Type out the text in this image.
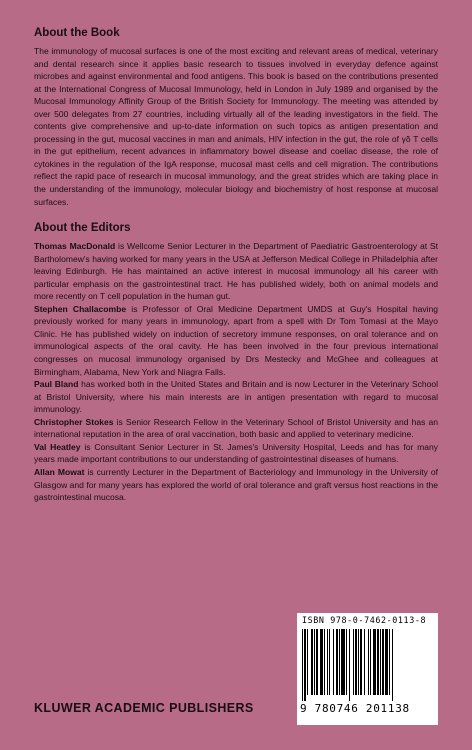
About the Book

The immunology of mucosal surfaces is one of the most exciting and relevant areas of medical, veterinary and dental research since it applies basic research to tissues involved in everyday defence against microbes and against environmental and food antigens. This book is based on the contributions presented at the International Congress of Mucosal Immunology, held in London in July 1989 and organised by the Mucosal Immunology Affinity Group of the British Society for Immunology. The meeting was attended by over 500 delegates from 27 countries, including virtually all of the leading investigators in the field. The contents give comprehensive and up-to-date information on such topics as antigen presentation and processing in the gut, mucosal vaccines in man and animals, HIV infection in the gut, the role of γδ T cells in the gut epithelium, recent advances in inflammatory bowel disease and coeliac disease, the role of cytokines in the regulation of the IgA response, mucosal mast cells and cell migration. The contributions reflect the rapid pace of research in mucosal immunology, and the great strides which are taking place in the understanding of the immunology, molecular biology and biochemistry of host response at mucosal surfaces.

About the Editors

Thomas MacDonald is Wellcome Senior Lecturer in the Department of Paediatric Gastroenterology at St Bartholomew's having worked for many years in the USA at Jefferson Medical College in Philadelphia after leaving Edinburgh. He has maintained an active interest in mucosal immunology all his career with particular emphasis on the gastrointestinal tract. He has published widely, both on animal models and more recently on T cell population in the human gut.

Stephen Challacombe is Professor of Oral Medicine Department UMDS at Guy's Hospital having previously worked for many years in immunology, apart from a spell with Dr Tom Tomasi at the Mayo Clinic. He has published widely on induction of secretory immune responses, on oral tolerance and on immunological aspects of the oral cavity. He has been involved in the four previous international congresses on mucosal immunology organised by Drs Mestecky and McGhee and colleagues at Birmingham, Alabama, New York and Niagra Falls.

Paul Bland has worked both in the United States and Britain and is now Lecturer in the Veterinary School at Bristol University, where his main interests are in antigen presentation with regard to mucosal immunology.

Christopher Stokes is Senior Research Fellow in the Veterinary School of Bristol University and has an international reputation in the area of oral vaccination, both basic and applied to veterinary medicine.

Val Heatley is Consultant Senior Lecturer in St. James's University Hospital, Leeds and has for many years made important contributions to our understanding of gastrointestinal diseases of humans.

Allan Mowat is currently Lecturer in the Department of Bacteriology and Immunology in the University of Glasgow and for many years has explored the world of oral tolerance and graft versus host reactions in the gastrointestinal mucosa.

ISBN 978-0-7462-0113-8
9 780746 201138
KLUWER ACADEMIC PUBLISHERS
